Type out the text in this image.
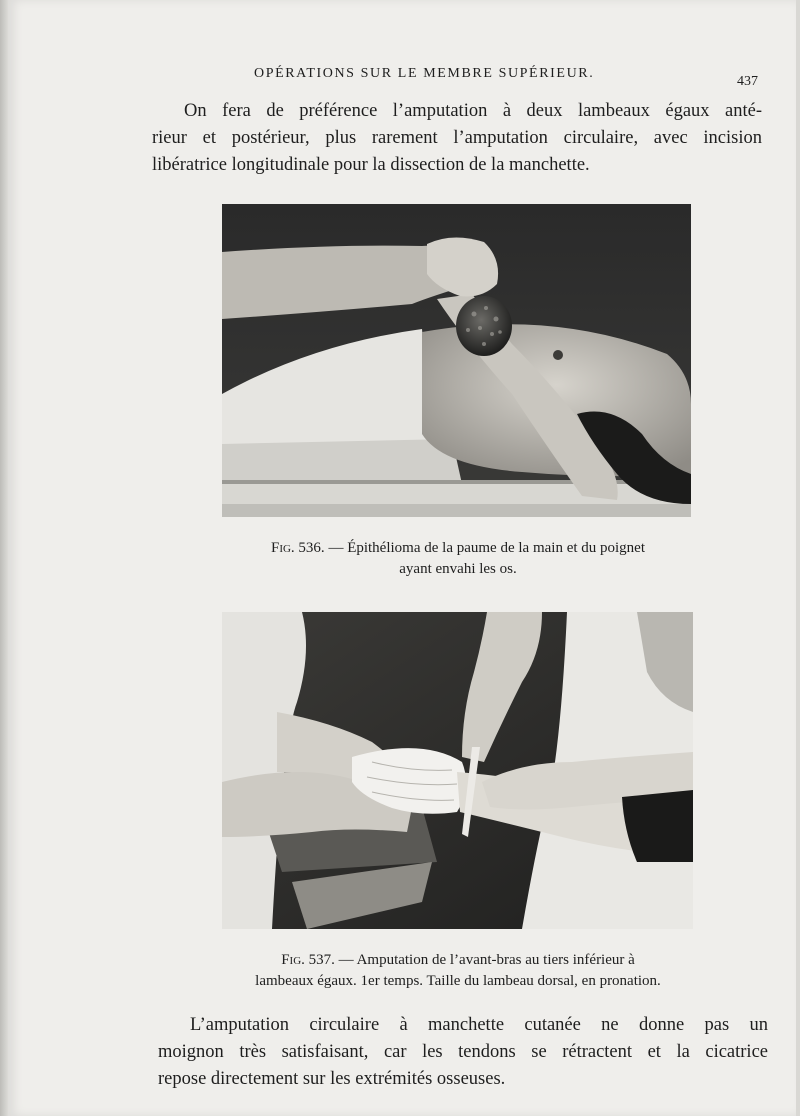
OPÉRATIONS SUR LE MEMBRE SUPÉRIEUR.
437

On fera de préférence l’amputation à deux lambeaux égaux anté-
rieur et postérieur, plus rarement l’amputation circulaire, avec incision
libératrice longitudinale pour la dissection de la manchette.

Fig. 536. — Épithélioma de la paume de la main et du poignet
ayant envahi les os.
Fig. 537. — Amputation de l’avant-bras au tiers inférieur à
lambeaux égaux. 1er temps. Taille du lambeau dorsal, en pronation.

L’amputation circulaire à manchette cutanée ne donne pas un
moignon très satisfaisant, car les tendons se rétractent et la cicatrice
repose directement sur les extrémités osseuses.
